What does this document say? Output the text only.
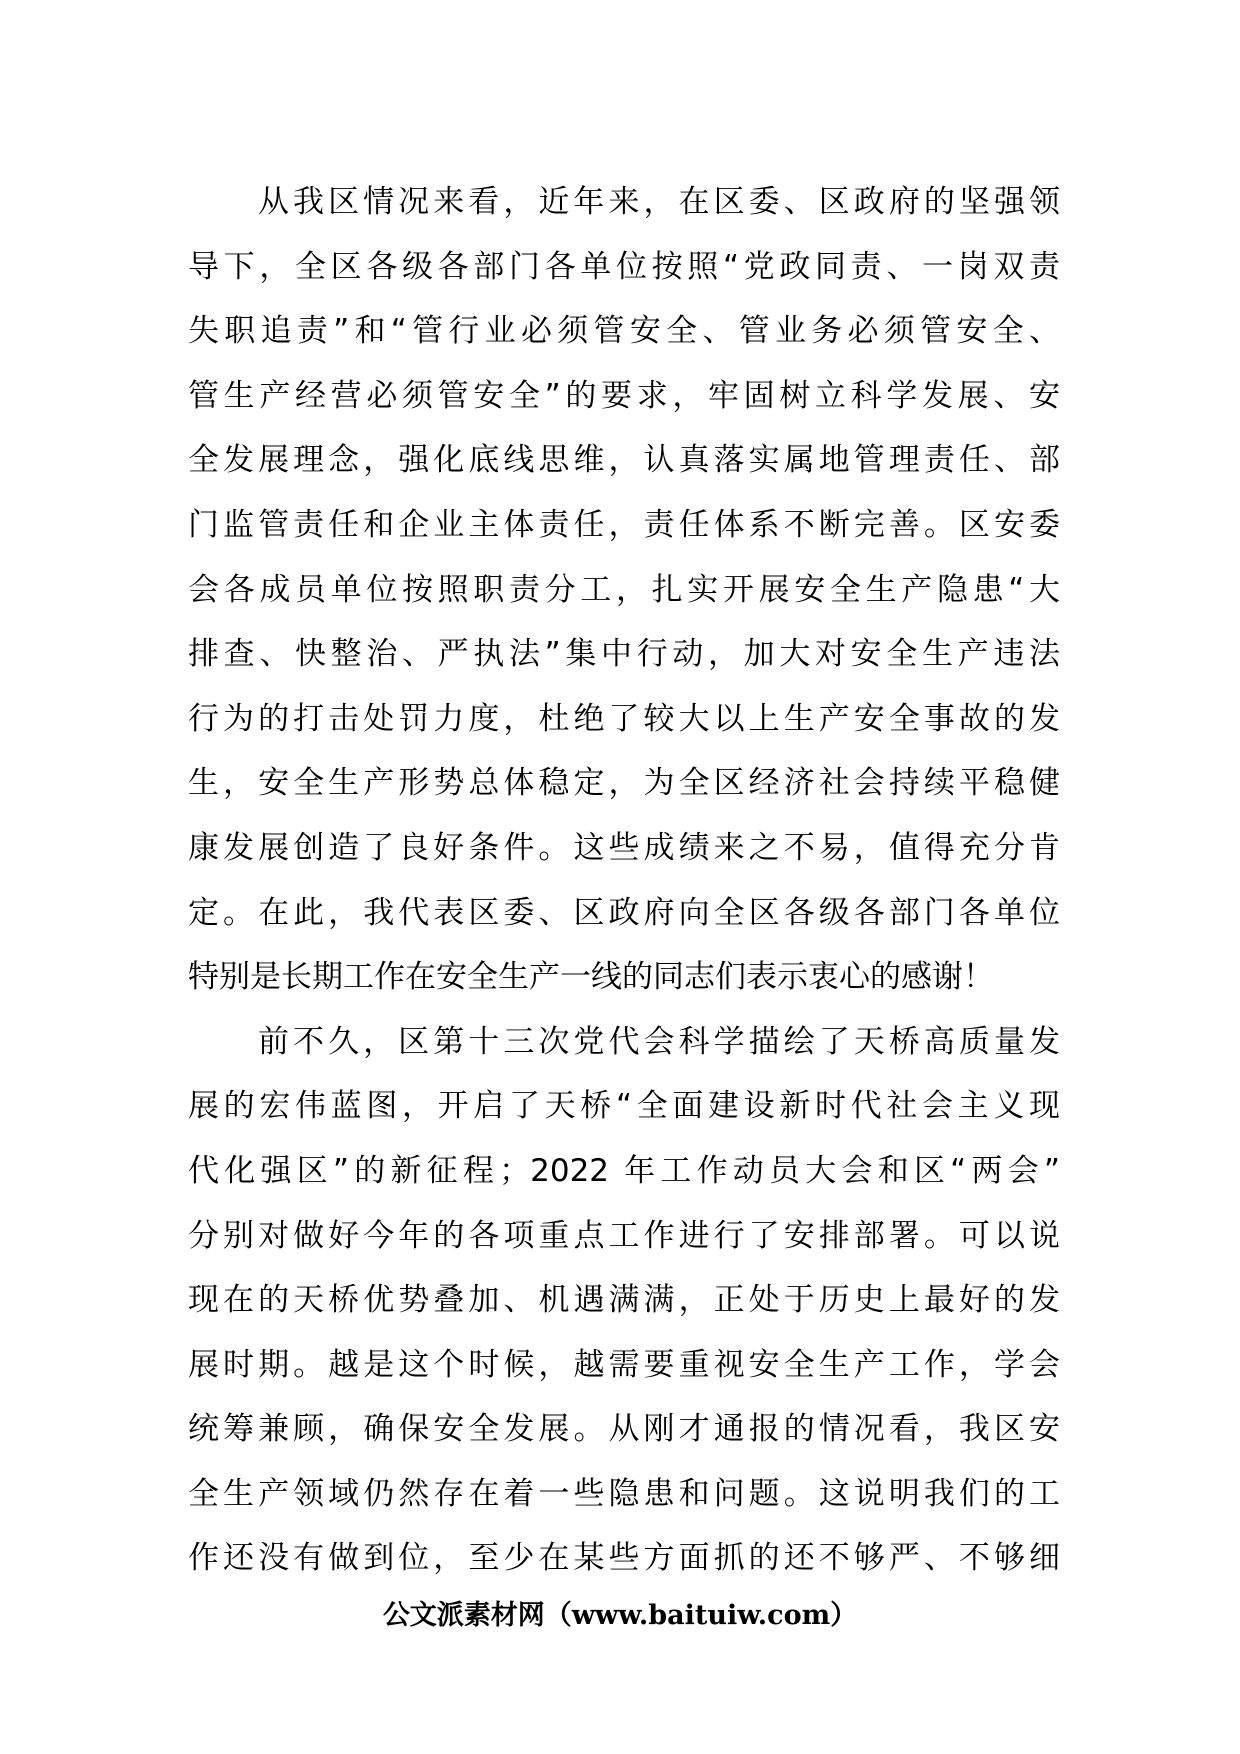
从我区情况来看，近年来，在区委、区政府的坚强领
导下，全区各级各部门各单位按照“党政同责、一岗双责
失职追责”和“管行业必须管安全、管业务必须管安全、
管生产经营必须管安全”的要求，牢固树立科学发展、安
全发展理念，强化底线思维，认真落实属地管理责任、部
门监管责任和企业主体责任，责任体系不断完善。区安委
会各成员单位按照职责分工，扎实开展安全生产隐患“大
排查、快整治、严执法”集中行动，加大对安全生产违法
行为的打击处罚力度，杜绝了较大以上生产安全事故的发
生，安全生产形势总体稳定，为全区经济社会持续平稳健
康发展创造了良好条件。这些成绩来之不易，值得充分肯
定。在此，我代表区委、区政府向全区各级各部门各单位
特别是长期工作在安全生产一线的同志们表示衷心的感谢！
前不久，区第十三次党代会科学描绘了天桥高质量发
展的宏伟蓝图，开启了天桥“全面建设新时代社会主义现
代化强区”的新征程；2022 年工作动员大会和区“两会”
分别对做好今年的各项重点工作进行了安排部署。可以说
现在的天桥优势叠加、机遇满满，正处于历史上最好的发
展时期。越是这个时候，越需要重视安全生产工作，学会
统筹兼顾，确保安全发展。从刚才通报的情况看，我区安
全生产领域仍然存在着一些隐患和问题。这说明我们的工
作还没有做到位，至少在某些方面抓的还不够严、不够细
公文派素材网（www.baituiw.com）
